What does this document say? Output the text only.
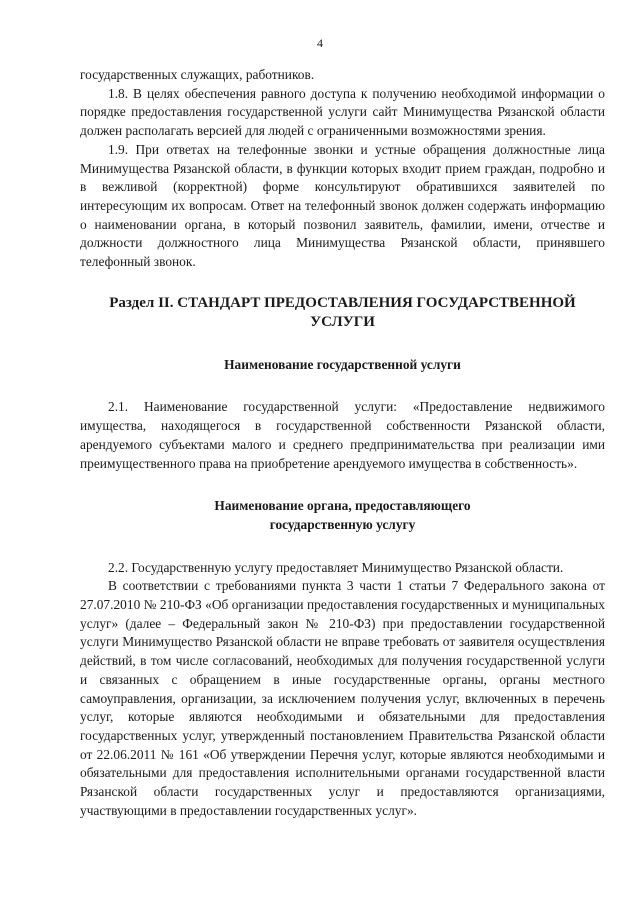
4

государственных служащих, работников.

1.8. В целях обеспечения равного доступа к получению необходимой информации о порядке предоставления государственной услуги сайт Минимущества Рязанской области должен располагать версией для людей с ограниченными возможностями зрения.

1.9. При ответах на телефонные звонки и устные обращения должностные лица Минимущества Рязанской области, в функции которых входит прием граждан, подробно и в вежливой (корректной) форме консультируют обратившихся заявителей по интересующим их вопросам. Ответ на телефонный звонок должен содержать информацию о наименовании органа, в который позвонил заявитель, фамилии, имени, отчестве и должности должностного лица Минимущества Рязанской области, принявшего телефонный звонок.

Раздел II. СТАНДАРТ ПРЕДОСТАВЛЕНИЯ ГОСУДАРСТВЕННОЙ УСЛУГИ
Наименование государственной услуги

2.1. Наименование государственной услуги: «Предоставление недвижимого имущества, находящегося в государственной собственности Рязанской области, арендуемого субъектами малого и среднего предпринимательства при реализации ими преимущественного права на приобретение арендуемого имущества в собственность».

Наименование органа, предоставляющего
государственную услугу

2.2. Государственную услугу предоставляет Минимущество Рязанской области.

В соответствии с требованиями пункта 3 части 1 статьи 7 Федерального закона от 27.07.2010 № 210-ФЗ «Об организации предоставления государственных и муниципальных услуг» (далее – Федеральный закон № 210-ФЗ) при предоставлении государственной услуги Минимущество Рязанской области не вправе требовать от заявителя осуществления действий, в том числе согласований, необходимых для получения государственной услуги и связанных с обращением в иные государственные органы, органы местного самоуправления, организации, за исключением получения услуг, включенных в перечень услуг, которые являются необходимыми и обязательными для предоставления государственных услуг, утвержденный постановлением Правительства Рязанской области от 22.06.2011 № 161 «Об утверждении Перечня услуг, которые являются необходимыми и обязательными для предоставления исполнительными органами государственной власти Рязанской области государственных услуг и предоставляются организациями, участвующими в предоставлении государственных услуг».
